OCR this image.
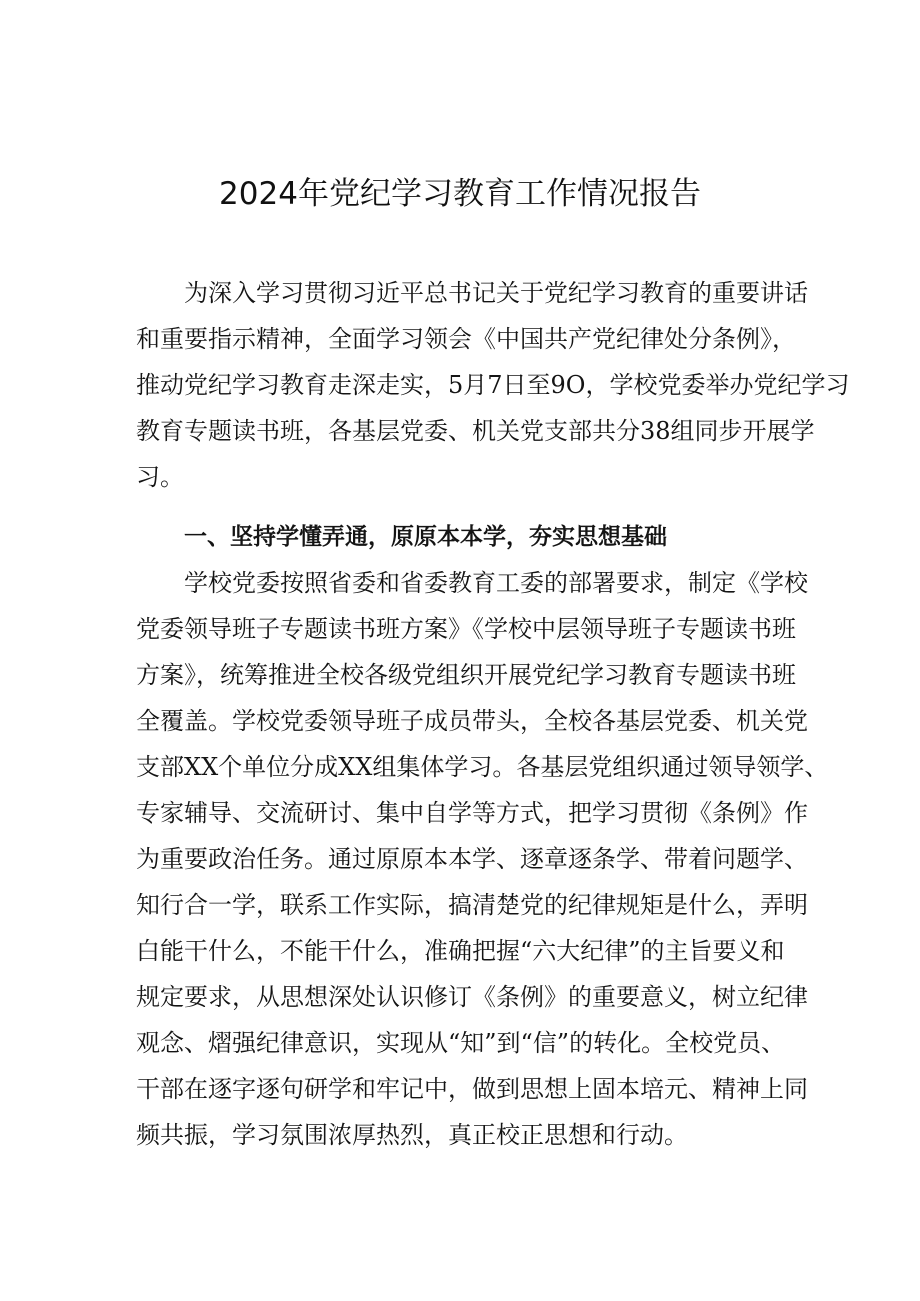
2024年党纪学习教育工作情况报告
为深入学习贯彻习近平总书记关于党纪学习教育的重要讲话
和重要指示精神，全面学习领会《中国共产党纪律处分条例》，
推动党纪学习教育走深走实，5月7日至9O，学校党委举办党纪学习
教育专题读书班，各基层党委、机关党支部共分38组同步开展学
习。
一、坚持学懂弄通，原原本本学，夯实思想基础
学校党委按照省委和省委教育工委的部署要求，制定《学校
党委领导班子专题读书班方案》《学校中层领导班子专题读书班
方案》，统筹推进全校各级党组织开展党纪学习教育专题读书班
全覆盖。学校党委领导班子成员带头，全校各基层党委、机关党
支部XX个单位分成XX组集体学习。各基层党组织通过领导领学、
专家辅导、交流研讨、集中自学等方式，把学习贯彻《条例》作
为重要政治任务。通过原原本本学、逐章逐条学、带着问题学、
知行合一学，联系工作实际，搞清楚党的纪律规矩是什么，弄明
白能干什么，不能干什么，准确把握“六大纪律”的主旨要义和
规定要求，从思想深处认识修订《条例》的重要意义，树立纪律
观念、熠强纪律意识，实现从“知”到“信”的转化。全校党员、
干部在逐字逐句研学和牢记中，做到思想上固本培元、精神上同
频共振，学习氛围浓厚热烈，真正校正思想和行动。
